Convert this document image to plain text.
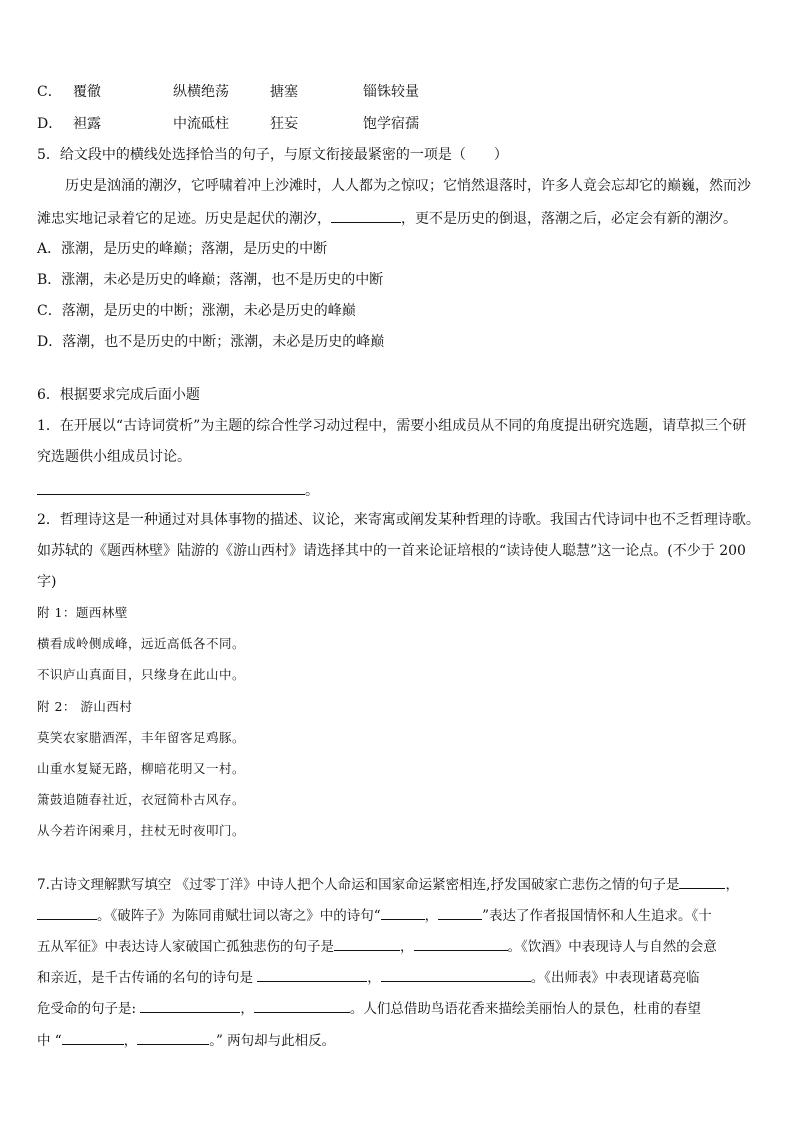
C． 覆徹	纵横绝荡	搪塞	锱铢较量
D． 袒露	中流砥柱	狂妄	饱学宿孺
5．给文段中的横线处选择恰当的句子，与原文衔接最紧密的一项是（　　）
历史是汹涌的潮汐，它呼啸着冲上沙滩时，人人都为之惊叹；它悄然退落时，许多人竟会忘却它的巅巍，然而沙
滩忠实地记录着它的足迹。历史是起伏的潮汐，	，更不是历史的倒退，落潮之后，必定会有新的潮汐。
A．涨潮，是历史的峰巅；落潮，是历史的中断
B．涨潮，未必是历史的峰巅；落潮，也不是历史的中断
C．落潮，是历史的中断；涨潮，未必是历史的峰巅
D．落潮，也不是历史的中断；涨潮，未必是历史的峰巅
6．根据要求完成后面小题
1．在开展以“古诗词赏析”为主题的综合性学习动过程中，需要小组成员从不同的角度提出研究选题，请草拟三个研
究选题供小组成员讨论。
。
2．哲理诗这是一种通过对具体事物的描述、议论，来寄寓或阐发某种哲理的诗歌。我国古代诗词中也不乏哲理诗歌。
如苏轼的《题西林壁》陆游的《游山西村》请选择其中的一首来论证培根的“读诗使人聪慧”这一论点。(不少于 200
字)
附 1：题西林壁
横看成岭侧成峰，远近高低各不同。
不识庐山真面目，只缘身在此山中。
附 2： 游山西村
莫笑农家腊酒浑，丰年留客足鸡豚。
山重水复疑无路，柳暗花明又一村。
箫鼓追随春社近，衣冠简朴古风存。
从今若许闲乘月，拄杖无时夜叩门。
7.古诗文理解默写填空 《过零丁洋》中诗人把个人命运和国家命运紧密相连,抒发国破家亡悲伤之情的句子是	，
。《破阵子》为陈同甫赋壮词以寄之》中的诗句“	，	”表达了作者报国情怀和人生追求。《十
五从军征》中表达诗人家破国亡孤独悲伤的句子是	，	。《饮酒》中表现诗人与自然的会意
和亲近，是千古传诵的名句的诗句是	，	。《出师表》中表现诸葛亮临
危受命的句子是:	，	。人们总借助鸟语花香来描绘美丽怡人的景色，杜甫的春望
中 “	，	。” 两句却与此相反。
